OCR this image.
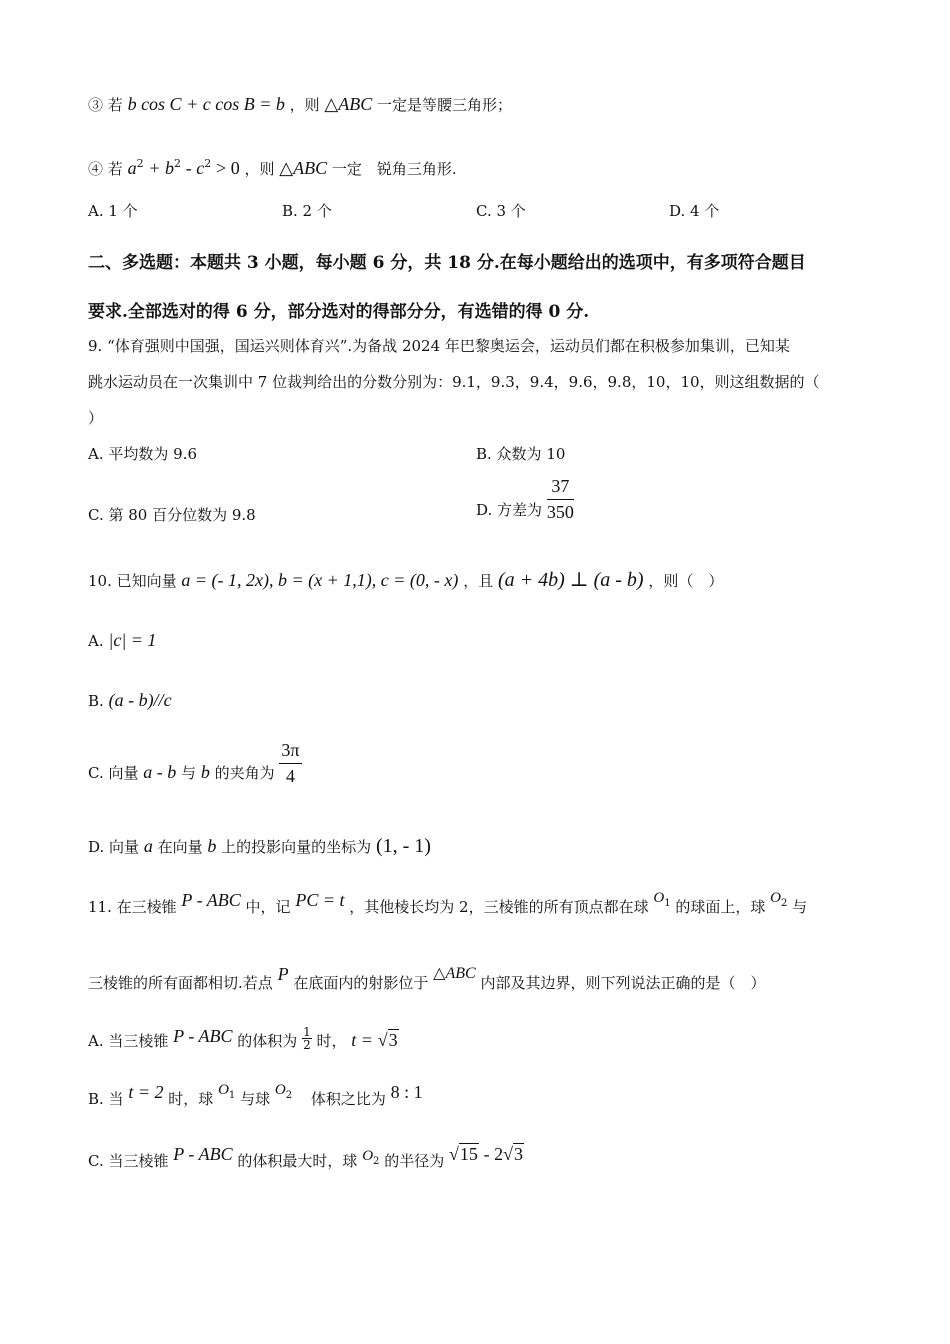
③ 若 b cos C + c cos B = b ，则 △ABC 一定是等腰三角形；
④ 若 $a^2 + b^2 - c^2 > 0$ ，则 △ABC 一定　锐角三角形.
A. 1 个	B. 2 个	C. 3 个	D. 4 个
二、多选题：本题共 3 小题，每小题 6 分，共 18 分.在每小题给出的选项中，有多项符合题目
要求.全部选对的得 6 分，部分选对的得部分分，有选错的得 0 分.
9. “体育强则中国强，国运兴则体育兴”.为备战 2024 年巴黎奥运会，运动员们都在积极参加集训，已知某
跳水运动员在一次集训中 7 位裁判给出的分数分别为：9.1，9.3，9.4，9.6，9.8，10，10，则这组数据的（
）
A. 平均数为 9.6	B. 众数为 10
C. 第 80 百分位数为 9.8	D. 方差为 $\frac{37}{350}$
10. 已知向量 a = (- 1, 2x), b = (x + 1,1), c = (0, - x) ，且 (a + 4b) ⊥ (a - b) ，则（　）
A. |c| = 1
B. (a - b)//c
C. 向量 a - b 与 b 的夹角为 $\frac{3\pi}{4}$
D. 向量 a 在向量 b 上的投影向量的坐标为 (1, - 1)
11. 在三棱锥 P - ABC 中，记 PC = t ，其他棱长均为 2，三棱锥的所有顶点都在球 $O^1$ 的球面上，球 $O^2$ 与
三棱锥的所有面都相切.若点 P 在底面内的射影位于 △ABC 内部及其边界，则下列说法正确的是（　）
A. 当三棱锥 P - ABC 的体积为 $\frac{1}{2}$ 时， t = √3
B. 当 t = 2 时，球 $O^1$ 与球 $O^2$ 体积之比为 8 : 1
C. 当三棱锥 P - ABC 的体积最大时，球 $O_2$ 的半径为 √15 - 2√3
